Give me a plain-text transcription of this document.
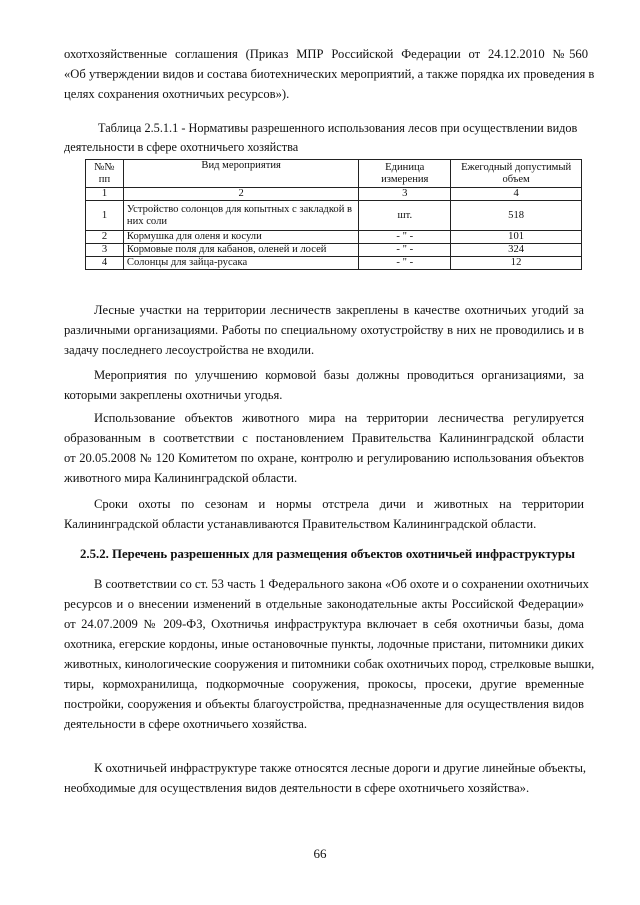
охотхозяйственные соглашения (Приказ МПР Российской Федерации от 24.12.2010 №560
«Об утверждении видов и состава биотехнических мероприятий, а также порядка их проведения в
целях сохранения охотничьих ресурсов»).
Таблица 2.5.1.1 - Нормативы разрешенного использования лесов при осуществлении видов
деятельности в сфере охотничьего хозяйства
№№ пп	Вид мероприятия	Единица измерения	Ежегодный допустимый объем
1	2	3	4
1	Устройство солонцов для копытных с закладкой в них соли	шт.	518
2	Кормушка для оленя и косули	- " -	101
3	Кормовые поля для кабанов, оленей и лосей	- " -	324
4	Солонцы для зайца-русака	- " -	12
Лесные участки на территории лесничеств закреплены в качестве охотничьих угодий за
различными организациями. Работы по специальному охотустройству в них не проводились и в
задачу последнего лесоустройства не входили.
Мероприятия по улучшению кормовой базы должны проводиться организациями, за
которыми закреплены охотничьи угодья.
Использование объектов животного мира на территории лесничества регулируется
образованным в соответствии с постановлением Правительства Калининградской области
от 20.05.2008 № 120 Комитетом по охране, контролю и регулированию использования объектов
животного мира Калининградской области.
Сроки охоты по сезонам и нормы отстрела дичи и животных на территории
Калининградской области устанавливаются Правительством Калининградской области.
2.5.2. Перечень разрешенных для размещения объектов охотничьей инфраструктуры
В соответствии со ст. 53 часть 1 Федерального закона «Об охоте и о сохранении охотничьих
ресурсов и о внесении изменений в отдельные законодательные акты Российской Федерации»
от 24.07.2009 № 209-ФЗ, Охотничья инфраструктура включает в себя охотничьи базы, дома
охотника, егерские кордоны, иные остановочные пункты, лодочные пристани, питомники диких
животных, кинологические сооружения и питомники собак охотничьих пород, стрелковые вышки,
тиры, кормохранилища, подкормочные сооружения, прокосы, просеки, другие временные
постройки, сооружения и объекты благоустройства, предназначенные для осуществления видов
деятельности в сфере охотничьего хозяйства.
К охотничьей инфраструктуре также относятся лесные дороги и другие линейные объекты,
необходимые для осуществления видов деятельности в сфере охотничьего хозяйства».
66
